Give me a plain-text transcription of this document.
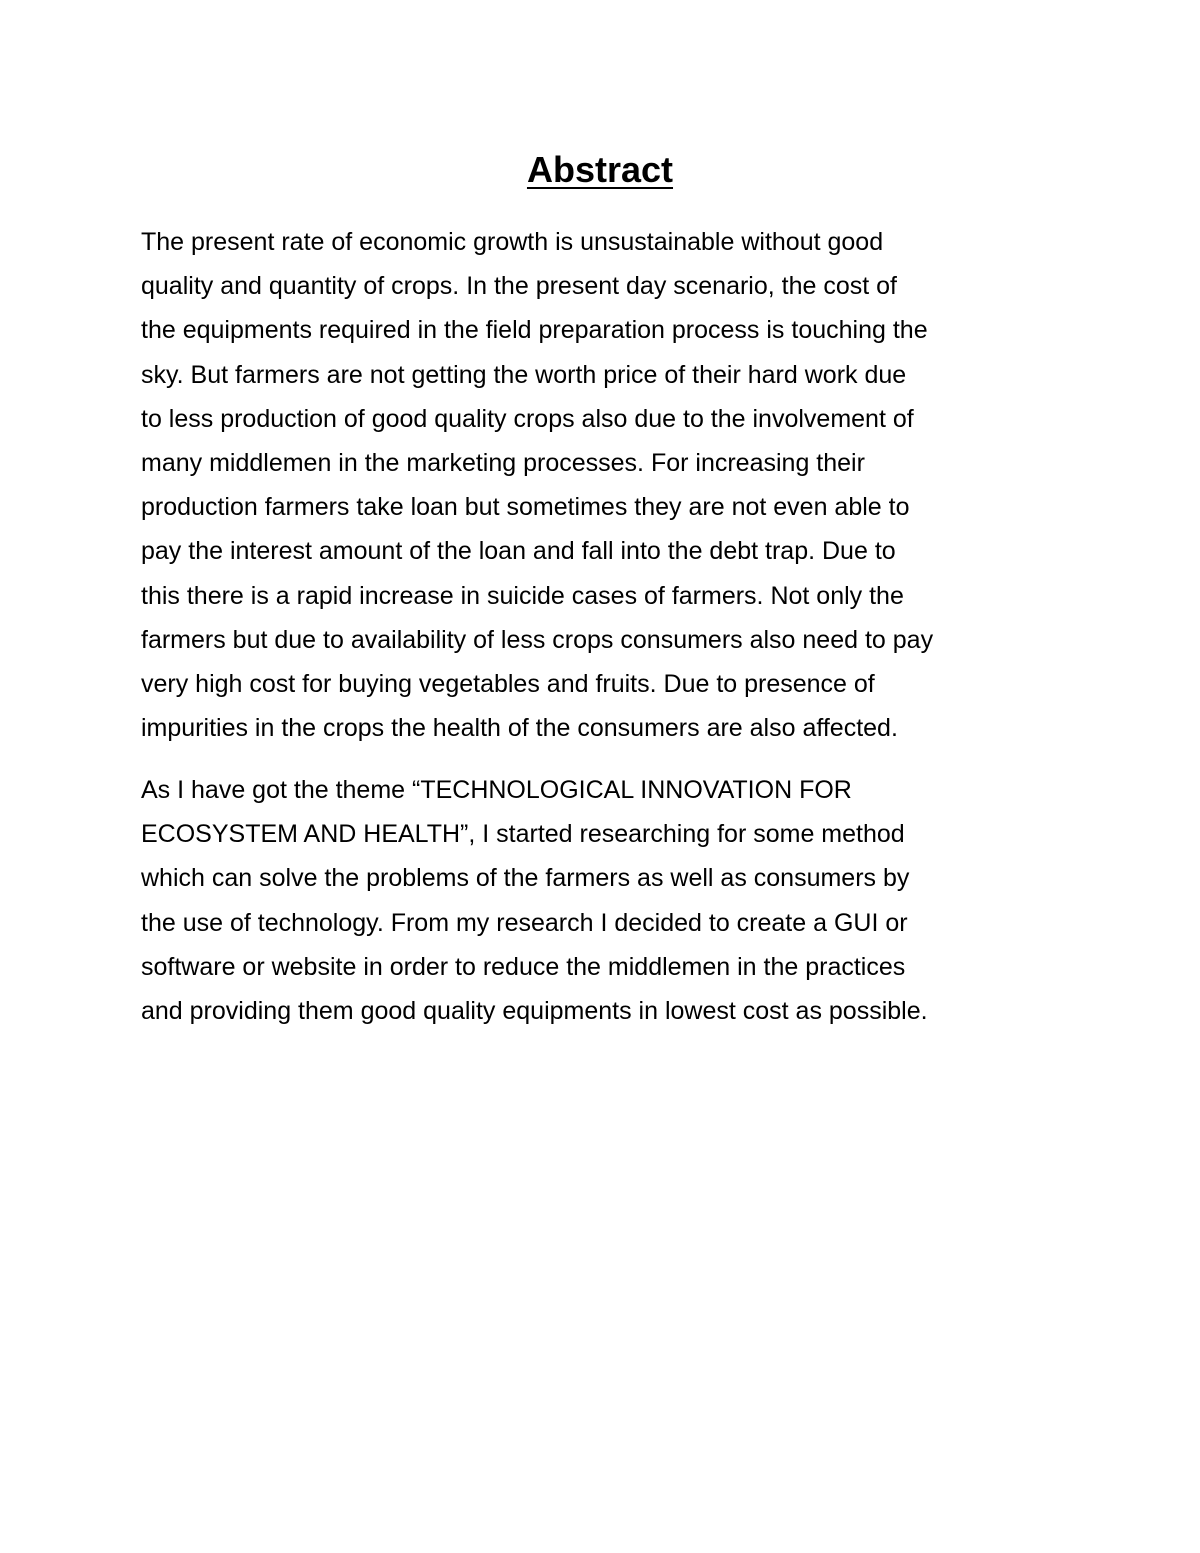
Abstract

The present rate of economic growth is unsustainable without good
quality and quantity of crops. In the present day scenario, the cost of
the equipments required in the field preparation process is touching the
sky. But farmers are not getting the worth price of their hard work due
to less production of good quality crops also due to the involvement of
many middlemen in the marketing processes. For increasing their
production farmers take loan but sometimes they are not even able to
pay the interest amount of the loan and fall into the debt trap. Due to
this there is a rapid increase in suicide cases of farmers. Not only the
farmers but due to availability of less crops consumers also need to pay
very high cost for buying vegetables and fruits. Due to presence of
impurities in the crops the health of the consumers are also affected.

As I have got the theme “TECHNOLOGICAL INNOVATION FOR
ECOSYSTEM AND HEALTH”, I started researching for some method
which can solve the problems of the farmers as well as consumers by
the use of technology. From my research I decided to create a GUI or
software or website in order to reduce the middlemen in the practices
and providing them good quality equipments in lowest cost as possible.
